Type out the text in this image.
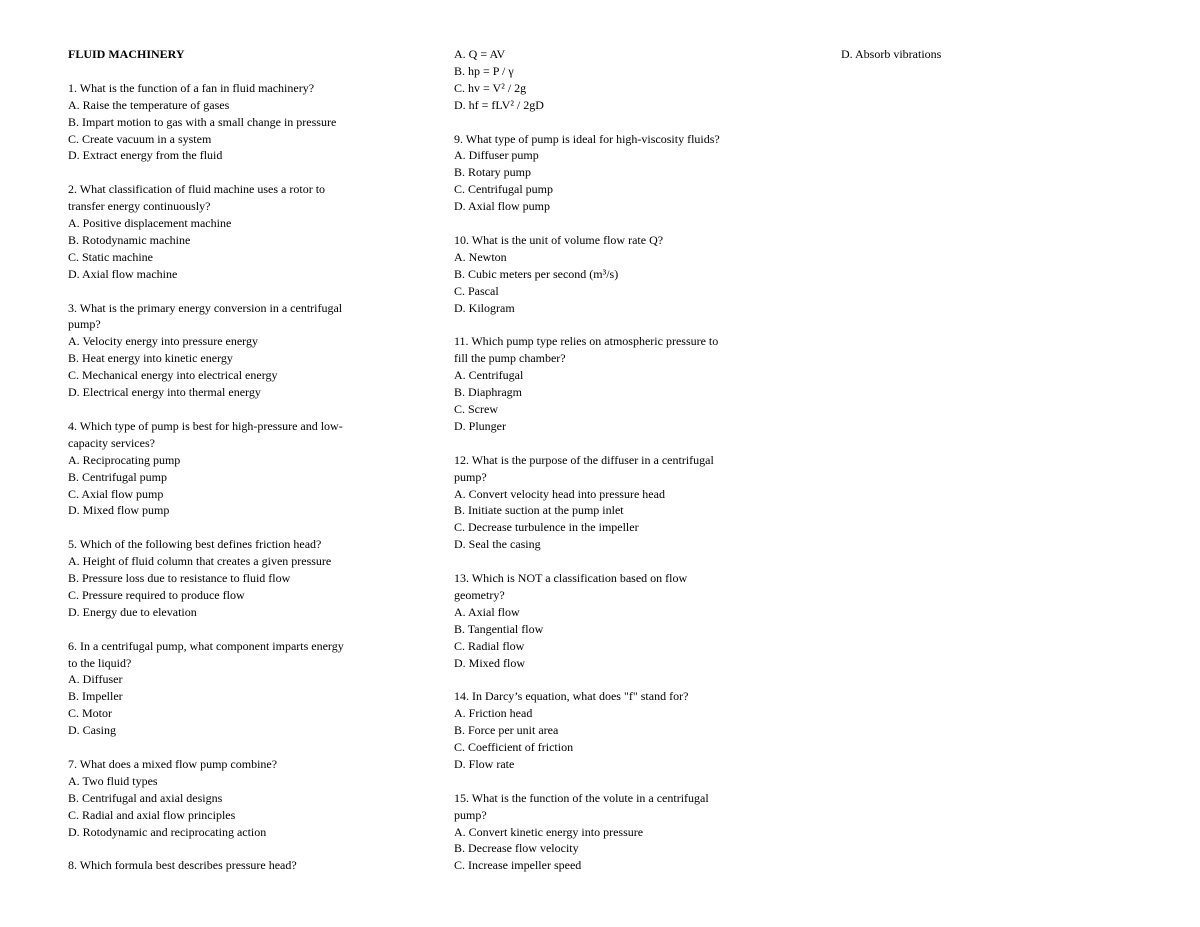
FLUID MACHINERY
1. What is the function of a fan in fluid machinery?
A. Raise the temperature of gases
B. Impart motion to gas with a small change in pressure
C. Create vacuum in a system
D. Extract energy from the fluid
2. What classification of fluid machine uses a rotor to
transfer energy continuously?
A. Positive displacement machine
B. Rotodynamic machine
C. Static machine
D. Axial flow machine
3. What is the primary energy conversion in a centrifugal
pump?
A. Velocity energy into pressure energy
B. Heat energy into kinetic energy
C. Mechanical energy into electrical energy
D. Electrical energy into thermal energy
4. Which type of pump is best for high-pressure and low-
capacity services?
A. Reciprocating pump
B. Centrifugal pump
C. Axial flow pump
D. Mixed flow pump
5. Which of the following best defines friction head?
A. Height of fluid column that creates a given pressure
B. Pressure loss due to resistance to fluid flow
C. Pressure required to produce flow
D. Energy due to elevation
6. In a centrifugal pump, what component imparts energy
to the liquid?
A. Diffuser
B. Impeller
C. Motor
D. Casing
7. What does a mixed flow pump combine?
A. Two fluid types
B. Centrifugal and axial designs
C. Radial and axial flow principles
D. Rotodynamic and reciprocating action
8. Which formula best describes pressure head?
A. Q = AV
B. hp = P / γ
C. hv = V² / 2g
D. hf = fLV² / 2gD
9. What type of pump is ideal for high-viscosity fluids?
A. Diffuser pump
B. Rotary pump
C. Centrifugal pump
D. Axial flow pump
10. What is the unit of volume flow rate Q?
A. Newton
B. Cubic meters per second (m³/s)
C. Pascal
D. Kilogram
11. Which pump type relies on atmospheric pressure to
fill the pump chamber?
A. Centrifugal
B. Diaphragm
C. Screw
D. Plunger
12. What is the purpose of the diffuser in a centrifugal
pump?
A. Convert velocity head into pressure head
B. Initiate suction at the pump inlet
C. Decrease turbulence in the impeller
D. Seal the casing
13. Which is NOT a classification based on flow
geometry?
A. Axial flow
B. Tangential flow
C. Radial flow
D. Mixed flow
14. In Darcy’s equation, what does "f" stand for?
A. Friction head
B. Force per unit area
C. Coefficient of friction
D. Flow rate
15. What is the function of the volute in a centrifugal
pump?
A. Convert kinetic energy into pressure
B. Decrease flow velocity
C. Increase impeller speed
D. Absorb vibrations
